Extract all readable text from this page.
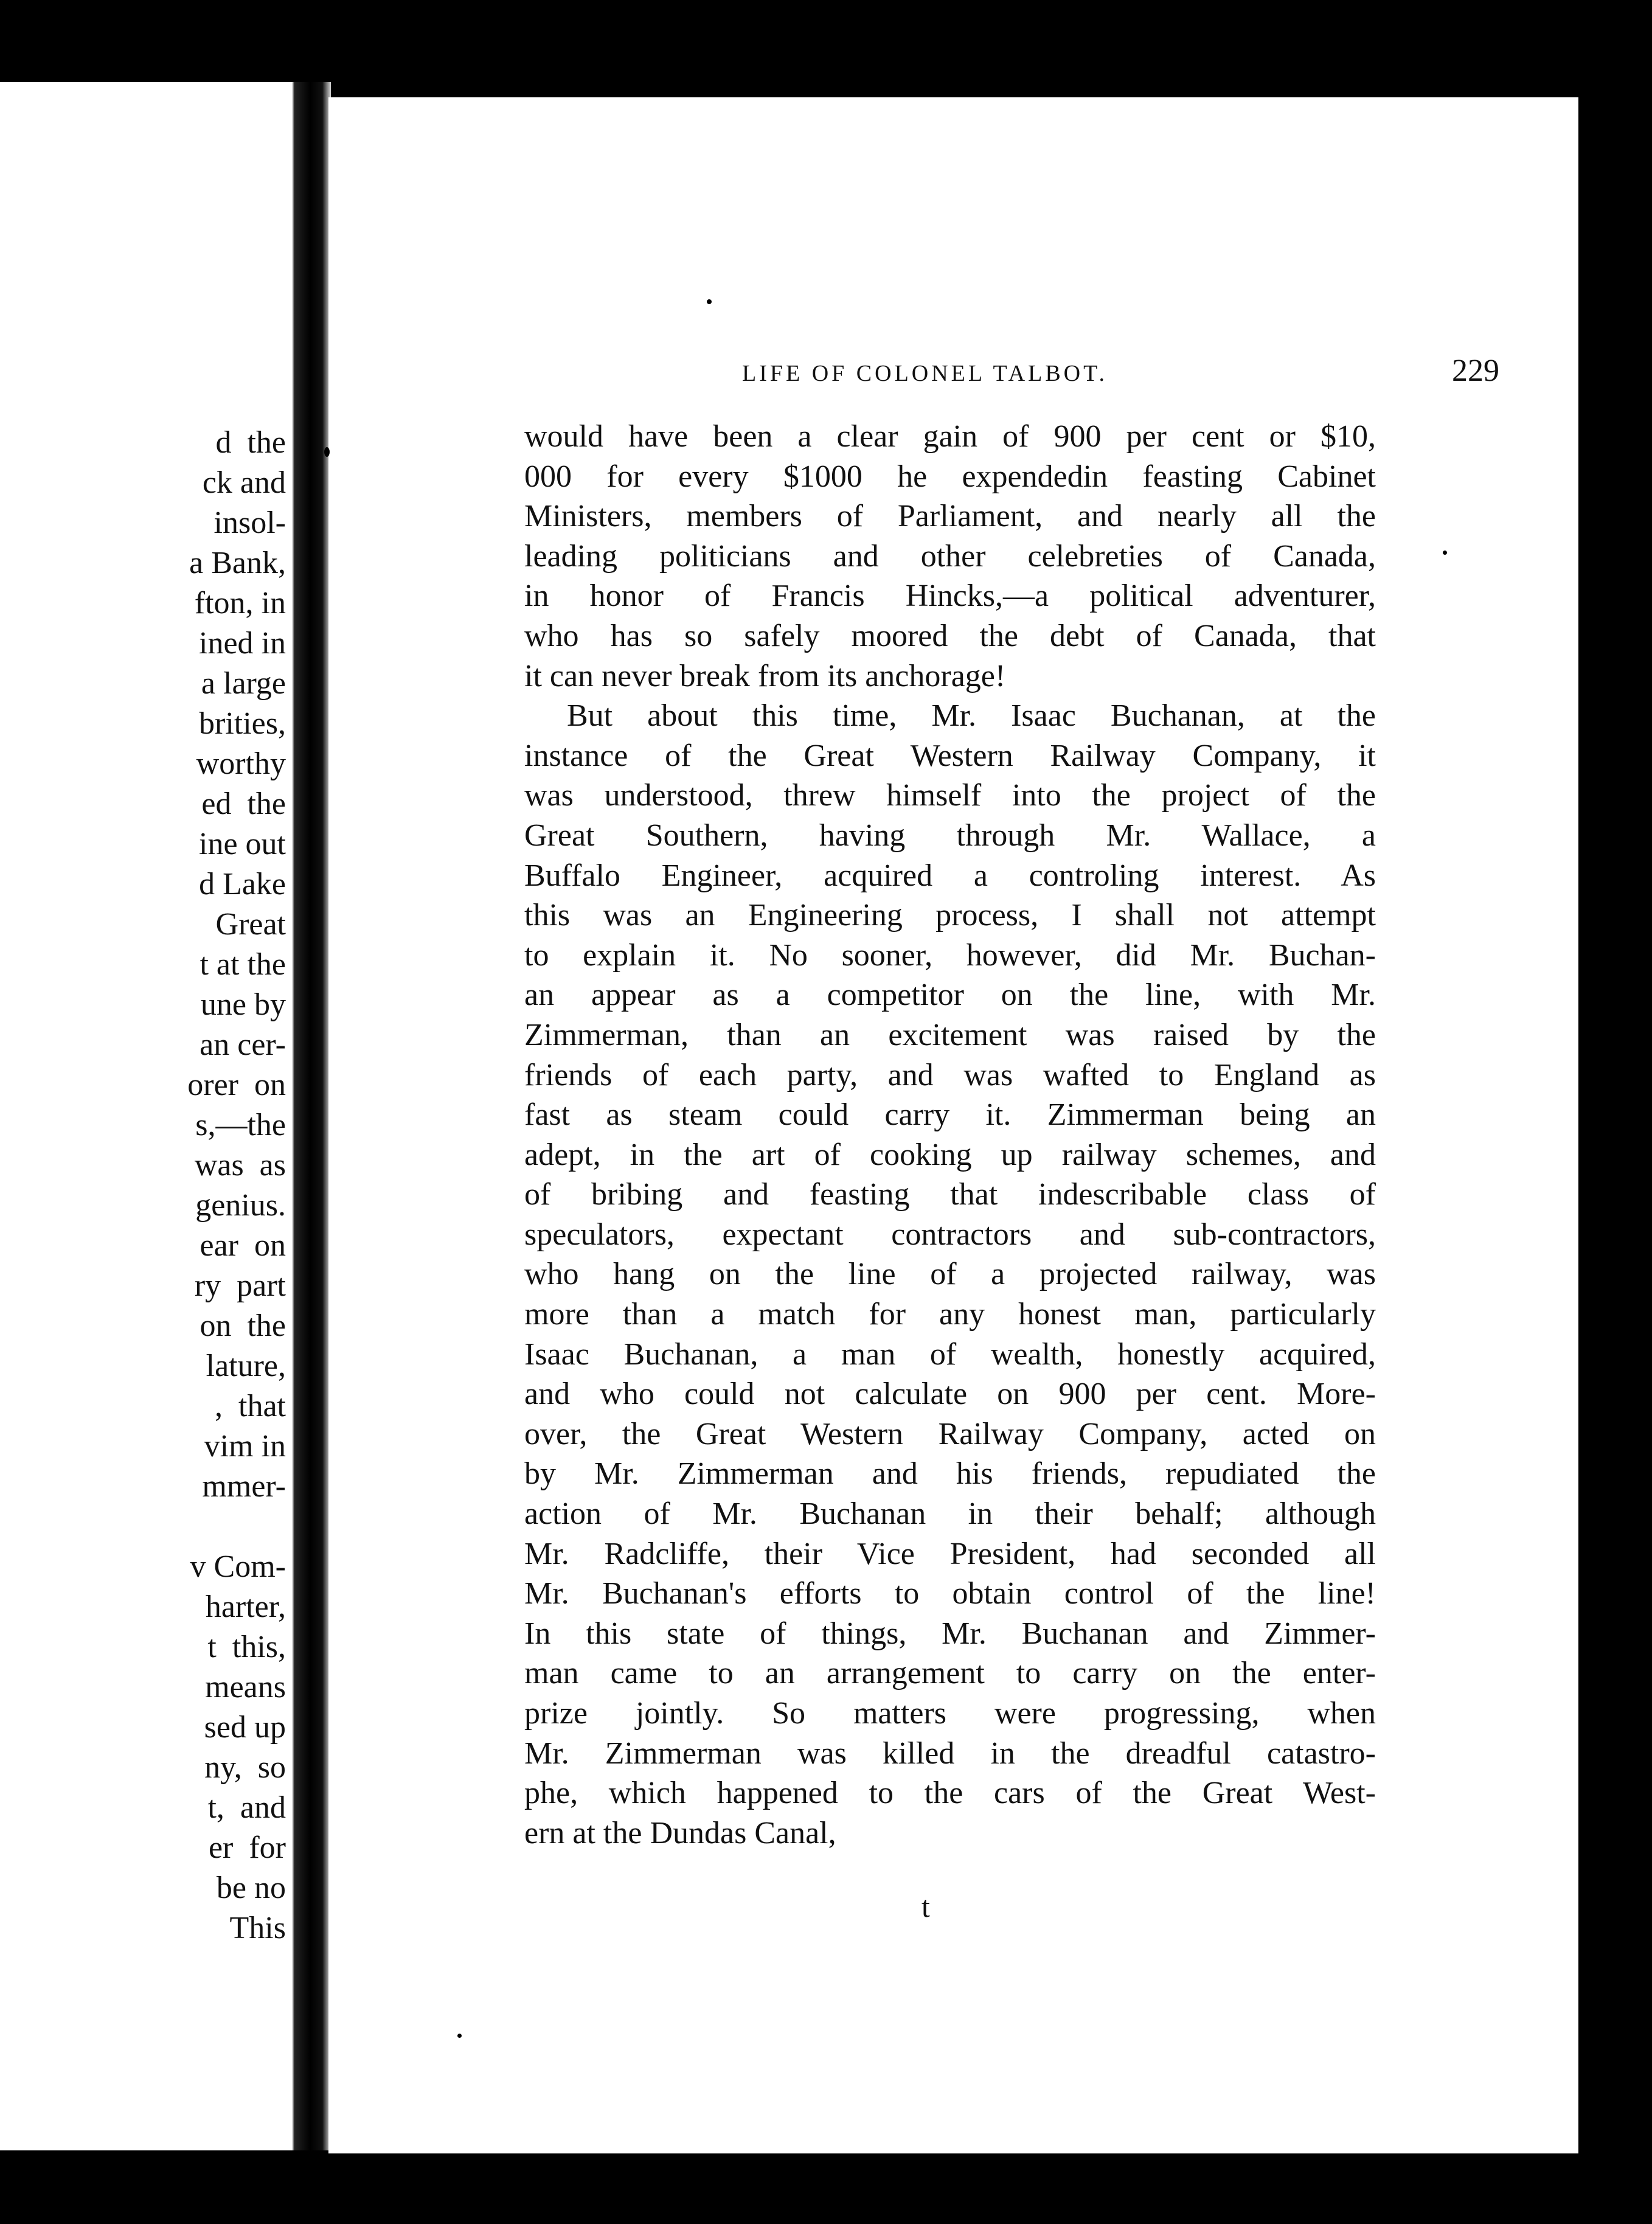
d  the
ck and
insol-
a Bank,
fton, in
ined in
a large
brities,
worthy
ed  the
ine out
d Lake
Great
t at the
une by
an cer-
orer  on
s,—the
was  as
genius.
ear  on
ry  part
on  the
lature,
,  that
vim in
mmer-

v Com-
harter,
t  this,
means
sed up
ny,  so
t,  and
er  for
be no
This
LIFE OF COLONEL TALBOT.	229
would have been a clear gain of 900 per cent or $10,
000 for every $1000 he expendedin feasting Cabinet
Ministers, members of Parliament, and nearly all the
leading politicians and other celebreties of Canada,
in honor of Francis Hincks,—a political adventurer,
who has so safely moored the debt of Canada, that
it can never break from its anchorage!
But about this time, Mr. Isaac Buchanan, at the
instance of the Great Western Railway Company, it
was understood, threw himself into the project of the
Great Southern, having through Mr. Wallace, a
Buffalo Engineer, acquired a controling interest. As
this was an Engineering process, I shall not attempt
to explain it. No sooner, however, did Mr. Buchan-
an appear as a competitor on the line, with Mr.
Zimmerman, than an excitement was raised by the
friends of each party, and was wafted to England as
fast as steam could carry it. Zimmerman being an
adept, in the art of cooking up railway schemes, and
of bribing and feasting that indescribable class of
speculators, expectant contractors and sub-contractors,
who hang on the line of a projected railway, was
more than a match for any honest man, particularly
Isaac Buchanan, a man of wealth, honestly acquired,
and who could not calculate on 900 per cent. More-
over, the Great Western Railway Company, acted on
by Mr. Zimmerman and his friends, repudiated the
action of Mr. Buchanan in their behalf; although
Mr. Radcliffe, their Vice President, had seconded all
Mr. Buchanan's efforts to obtain control of the line!
In this state of things, Mr. Buchanan and Zimmer-
man came to an arrangement to carry on the enter-
prize jointly. So matters were progressing, when
Mr. Zimmerman was killed in the dreadful catastro-
phe, which happened to the cars of the Great West-
ern at the Dundas Canal,
t
